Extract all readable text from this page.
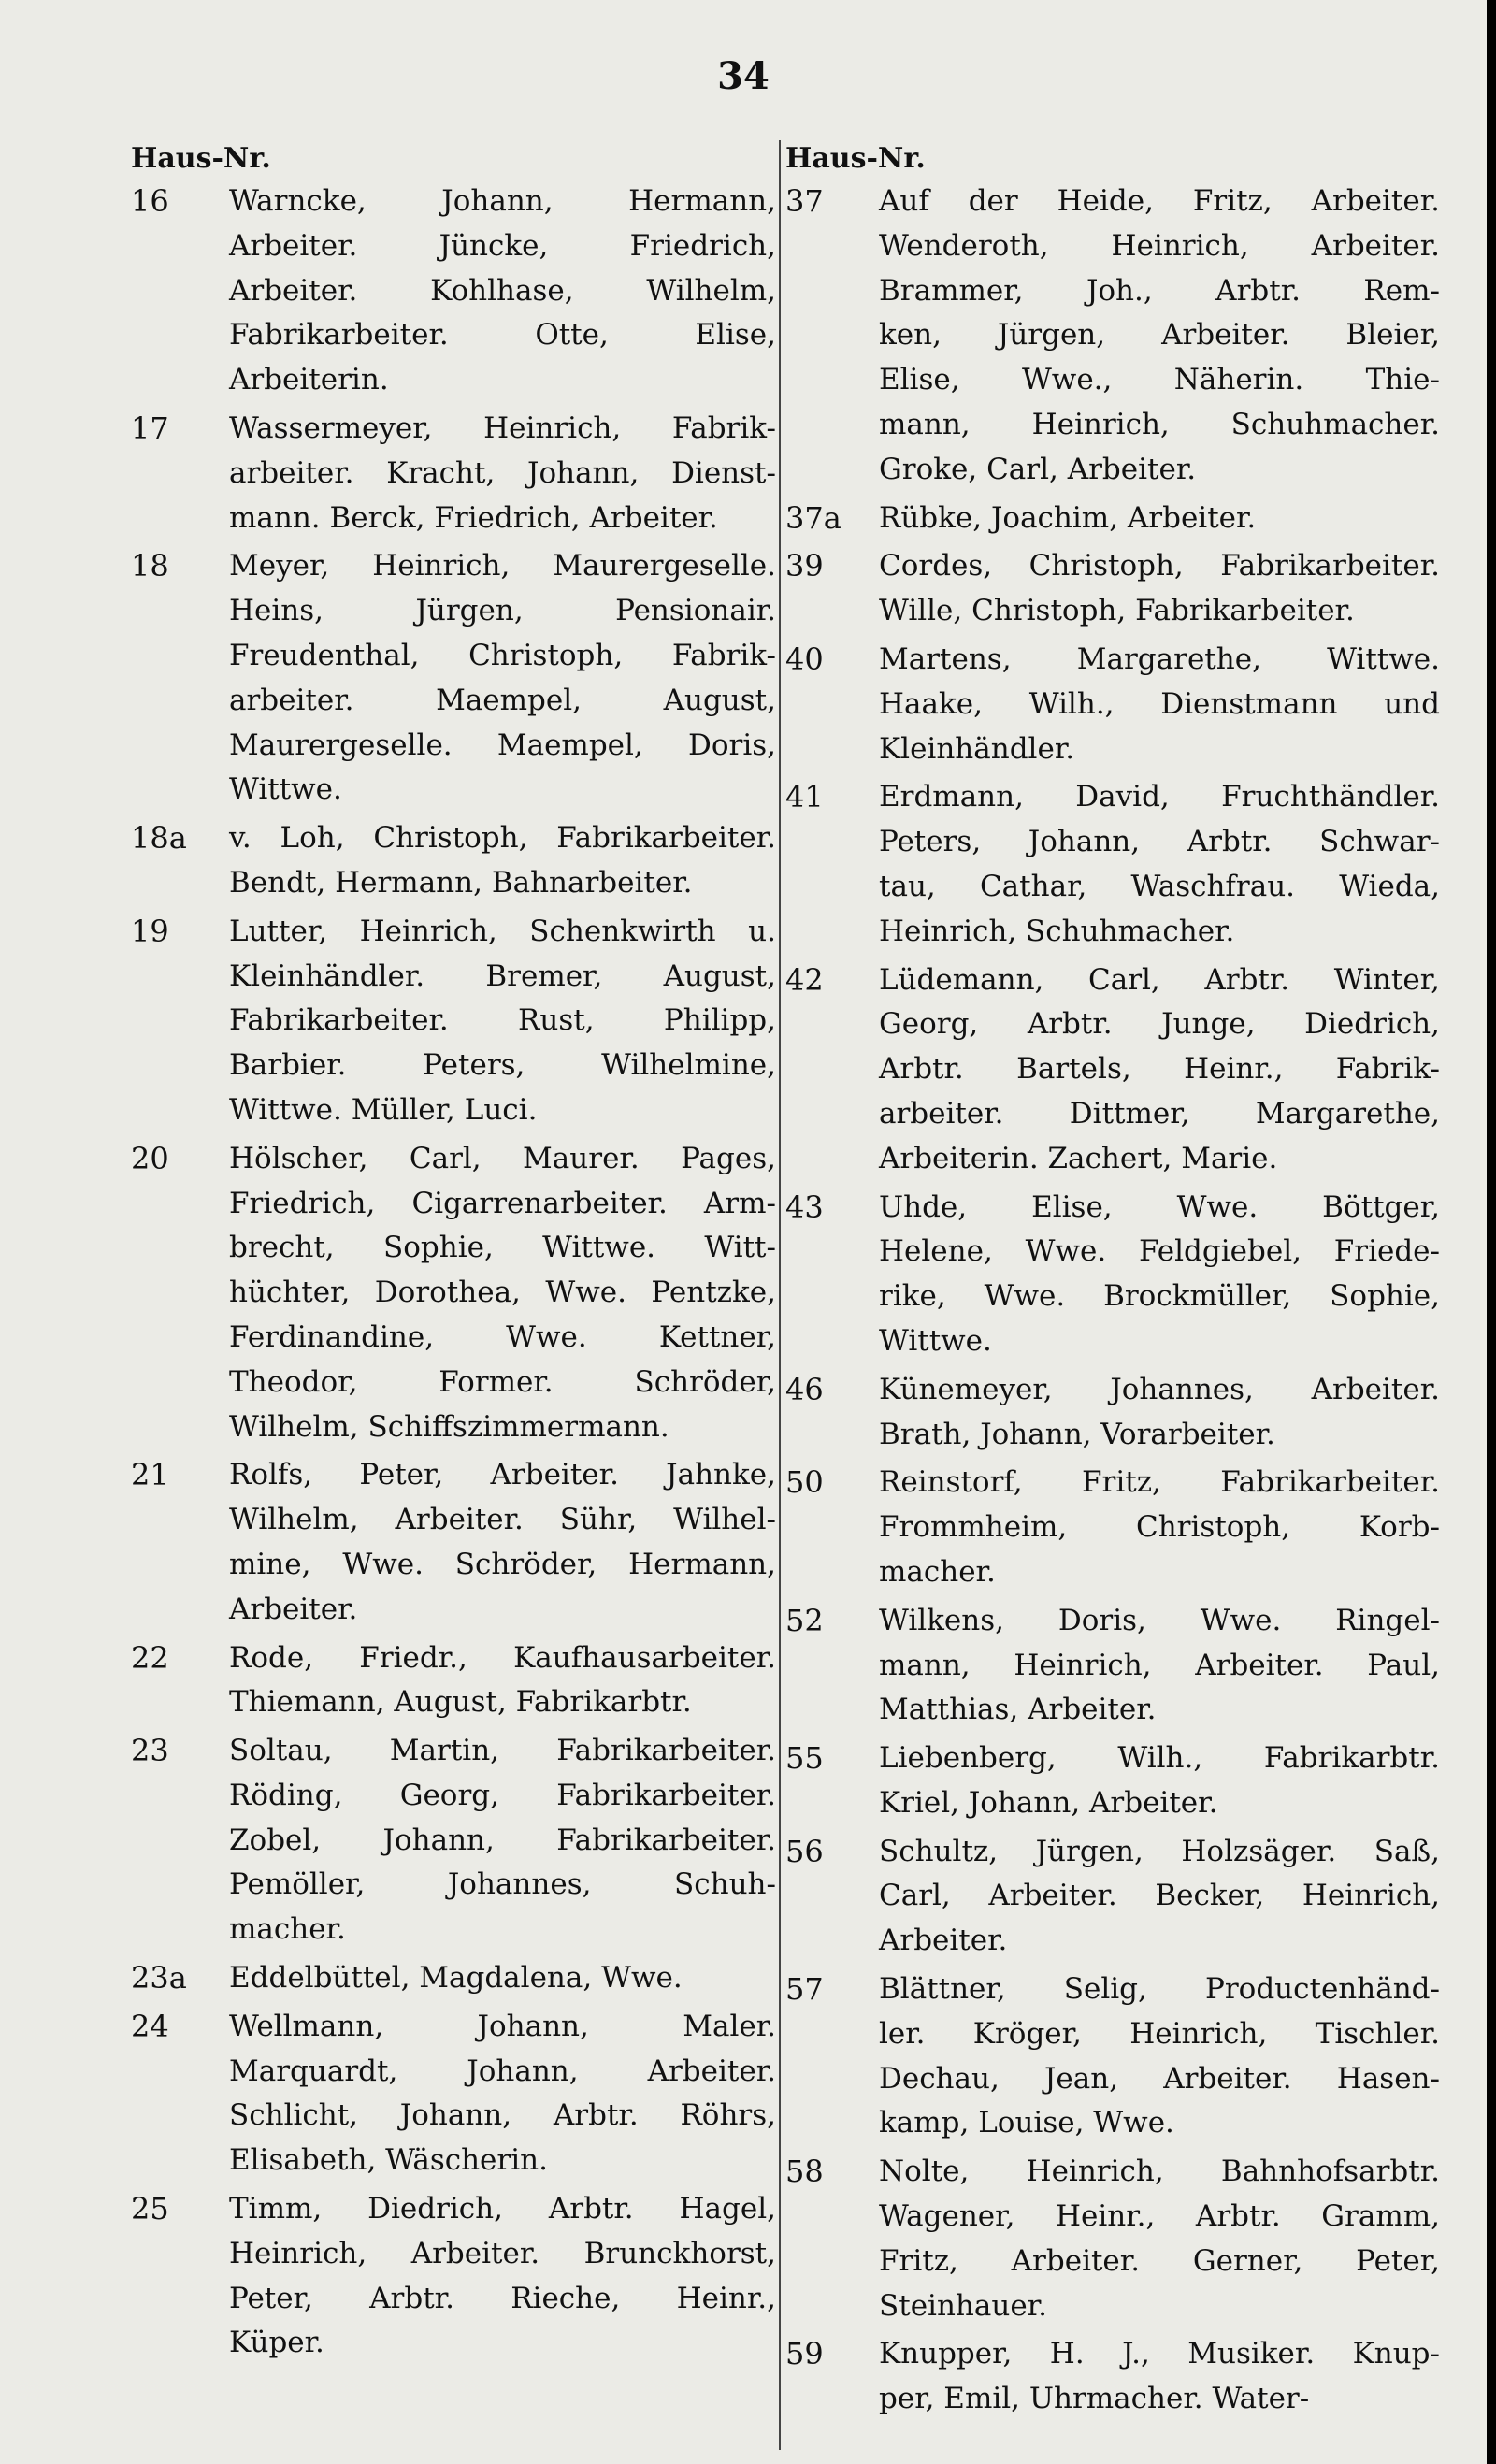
34
Haus-Nr.
16	Warncke, Johann, Hermann,
Arbeiter. Jüncke, Friedrich,
Arbeiter. Kohlhase, Wilhelm,
Fabrikarbeiter. Otte, Elise,
Arbeiterin.
17	Wassermeyer, Heinrich, Fabrik-
arbeiter. Kracht, Johann, Dienst-
mann. Berck, Friedrich, Arbeiter.
18	Meyer, Heinrich, Maurergeselle.
Heins, Jürgen, Pensionair.
Freudenthal, Christoph, Fabrik-
arbeiter. Maempel, August,
Maurergeselle. Maempel, Doris,
Wittwe.
18a	v. Loh, Christoph, Fabrikarbeiter.
Bendt, Hermann, Bahnarbeiter.
19	Lutter, Heinrich, Schenkwirth u.
Kleinhändler. Bremer, August,
Fabrikarbeiter. Rust, Philipp,
Barbier. Peters, Wilhelmine,
Wittwe. Müller, Luci.
20	Hölscher, Carl, Maurer. Pages,
Friedrich, Cigarrenarbeiter. Arm-
brecht, Sophie, Wittwe. Witt-
hüchter, Dorothea, Wwe. Pentzke,
Ferdinandine, Wwe. Kettner,
Theodor, Former. Schröder,
Wilhelm, Schiffszimmermann.
21	Rolfs, Peter, Arbeiter. Jahnke,
Wilhelm, Arbeiter. Sühr, Wilhel-
mine, Wwe. Schröder, Hermann,
Arbeiter.
22	Rode, Friedr., Kaufhausarbeiter.
Thiemann, August, Fabrikarbtr.
23	Soltau, Martin, Fabrikarbeiter.
Röding, Georg, Fabrikarbeiter.
Zobel, Johann, Fabrikarbeiter.
Pemöller, Johannes, Schuh-
macher.
23a	Eddelbüttel, Magdalena, Wwe.
24	Wellmann, Johann, Maler.
Marquardt, Johann, Arbeiter.
Schlicht, Johann, Arbtr. Röhrs,
Elisabeth, Wäscherin.
25	Timm, Diedrich, Arbtr. Hagel,
Heinrich, Arbeiter. Brunckhorst,
Peter, Arbtr. Rieche, Heinr.,
Küper.
Haus-Nr.
37	Auf der Heide, Fritz, Arbeiter.
Wenderoth, Heinrich, Arbeiter.
Brammer, Joh., Arbtr. Rem-
ken, Jürgen, Arbeiter. Bleier,
Elise, Wwe., Näherin. Thie-
mann, Heinrich, Schuhmacher.
Groke, Carl, Arbeiter.
37a	Rübke, Joachim, Arbeiter.
39	Cordes, Christoph, Fabrikarbeiter.
Wille, Christoph, Fabrikarbeiter.
40	Martens, Margarethe, Wittwe.
Haake, Wilh., Dienstmann und
Kleinhändler.
41	Erdmann, David, Fruchthändler.
Peters, Johann, Arbtr. Schwar-
tau, Cathar, Waschfrau. Wieda,
Heinrich, Schuhmacher.
42	Lüdemann, Carl, Arbtr. Winter,
Georg, Arbtr. Junge, Diedrich,
Arbtr. Bartels, Heinr., Fabrik-
arbeiter. Dittmer, Margarethe,
Arbeiterin. Zachert, Marie.
43	Uhde, Elise, Wwe. Böttger,
Helene, Wwe. Feldgiebel, Friede-
rike, Wwe. Brockmüller, Sophie,
Wittwe.
46	Künemeyer, Johannes, Arbeiter.
Brath, Johann, Vorarbeiter.
50	Reinstorf, Fritz, Fabrikarbeiter.
Frommheim, Christoph, Korb-
macher.
52	Wilkens, Doris, Wwe. Ringel-
mann, Heinrich, Arbeiter. Paul,
Matthias, Arbeiter.
55	Liebenberg, Wilh., Fabrikarbtr.
Kriel, Johann, Arbeiter.
56	Schultz, Jürgen, Holzsäger. Saß,
Carl, Arbeiter. Becker, Heinrich,
Arbeiter.
57	Blättner, Selig, Productenhänd-
ler. Kröger, Heinrich, Tischler.
Dechau, Jean, Arbeiter. Hasen-
kamp, Louise, Wwe.
58	Nolte, Heinrich, Bahnhofsarbtr.
Wagener, Heinr., Arbtr. Gramm,
Fritz, Arbeiter. Gerner, Peter,
Steinhauer.
59	Knupper, H. J., Musiker. Knup-
per, Emil, Uhrmacher. Water-
